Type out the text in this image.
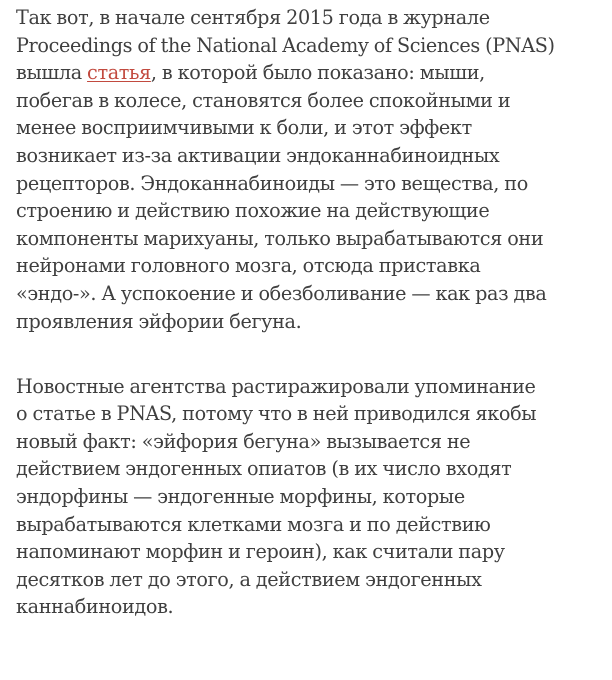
Так вот, в начале сентября 2015 года в журнале
Proceedings of the National Academy of Sciences (PNAS)
вышла статья, в которой было показано: мыши,
побегав в колесе, становятся более спокойными и
менее восприимчивыми к боли, и этот эффект
возникает из-за активации эндоканнабиноидных
рецепторов. Эндоканнабиноиды — это вещества, по
строению и действию похожие на действующие
компоненты марихуаны, только вырабатываются они
нейронами головного мозга, отсюда приставка
«эндо-». А успокоение и обезболивание — как раз два
проявления эйфории бегуна.
Новостные агентства растиражировали упоминание
о статье в PNAS, потому что в ней приводился якобы
новый факт: «эйфория бегуна» вызывается не
действием эндогенных опиатов (в их число входят
эндорфины — эндогенные морфины, которые
вырабатываются клетками мозга и по действию
напоминают морфин и героин), как считали пару
десятков лет до этого, а действием эндогенных
каннабиноидов.
